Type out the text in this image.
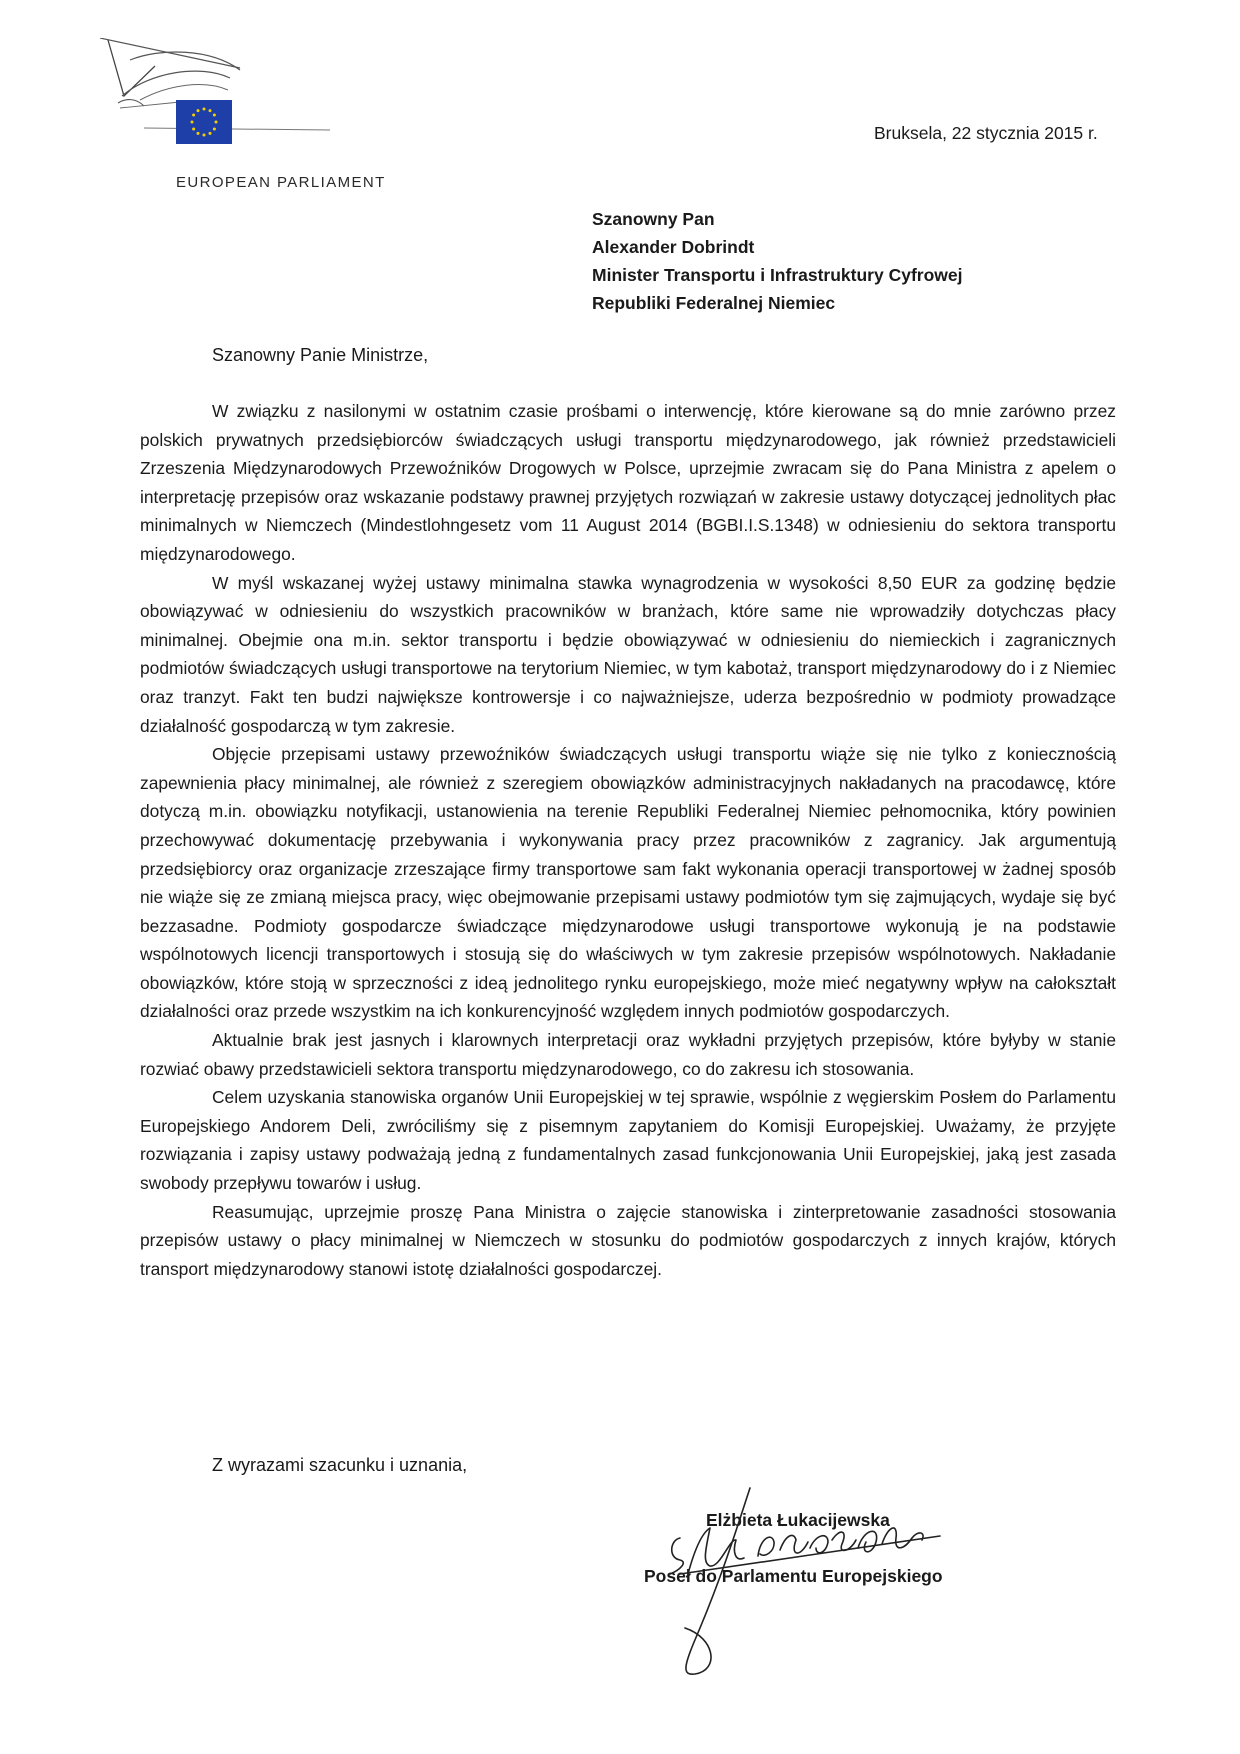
EUROPEAN PARLIAMENT
Bruksela, 22 stycznia 2015 r.
Szanowny Pan
Alexander Dobrindt
Minister Transportu i Infrastruktury Cyfrowej
Republiki Federalnej Niemiec
Szanowny Panie Ministrze,

W związku z nasilonymi w ostatnim czasie prośbami o interwencję, które kierowane są do mnie zarówno przez polskich prywatnych przedsiębiorców świadczących usługi transportu międzynarodowego, jak również przedstawicieli Zrzeszenia Międzynarodowych Przewoźników Drogowych w Polsce, uprzejmie zwracam się do Pana Ministra z apelem o interpretację przepisów oraz wskazanie podstawy prawnej przyjętych rozwiązań w zakresie ustawy dotyczącej jednolitych płac minimalnych w Niemczech (Mindestlohngesetz vom 11 August 2014 (BGBI.I.S.1348) w odniesieniu do sektora transportu międzynarodowego.

W myśl wskazanej wyżej ustawy minimalna stawka wynagrodzenia w wysokości 8,50 EUR za godzinę będzie obowiązywać w odniesieniu do wszystkich pracowników w branżach, które same nie wprowadziły dotychczas płacy minimalnej. Obejmie ona m.in. sektor transportu i będzie obowiązywać w odniesieniu do niemieckich i zagranicznych podmiotów świadczących usługi transportowe na terytorium Niemiec, w tym kabotaż, transport międzynarodowy do i z Niemiec oraz tranzyt. Fakt ten budzi największe kontrowersje i co najważniejsze, uderza bezpośrednio w podmioty prowadzące działalność gospodarczą w tym zakresie.

Objęcie przepisami ustawy przewoźników świadczących usługi transportu wiąże się nie tylko z koniecznością zapewnienia płacy minimalnej, ale również z szeregiem obowiązków administracyjnych nakładanych na pracodawcę, które dotyczą m.in. obowiązku notyfikacji, ustanowienia na terenie Republiki Federalnej Niemiec pełnomocnika, który powinien przechowywać dokumentację przebywania i wykonywania pracy przez pracowników z zagranicy. Jak argumentują przedsiębiorcy oraz organizacje zrzeszające firmy transportowe sam fakt wykonania operacji transportowej w żadnej sposób nie wiąże się ze zmianą miejsca pracy, więc obejmowanie przepisami ustawy podmiotów tym się zajmujących, wydaje się być bezzasadne. Podmioty gospodarcze świadczące międzynarodowe usługi transportowe wykonują je na podstawie wspólnotowych licencji transportowych i stosują się do właściwych w tym zakresie przepisów wspólnotowych. Nakładanie obowiązków, które stoją w sprzeczności z ideą jednolitego rynku europejskiego, może mieć negatywny wpływ na całokształt działalności oraz przede wszystkim na ich konkurencyjność względem innych podmiotów gospodarczych.

Aktualnie brak jest jasnych i klarownych interpretacji oraz wykładni przyjętych przepisów, które byłyby w stanie rozwiać obawy przedstawicieli sektora transportu międzynarodowego, co do zakresu ich stosowania.

Celem uzyskania stanowiska organów Unii Europejskiej w tej sprawie, wspólnie z węgierskim Posłem do Parlamentu Europejskiego Andorem Deli, zwróciliśmy się z pisemnym zapytaniem do Komisji Europejskiej. Uważamy, że przyjęte rozwiązania i zapisy ustawy podważają jedną z fundamentalnych zasad funkcjonowania Unii Europejskiej, jaką jest zasada swobody przepływu towarów i usług.

Reasumując, uprzejmie proszę Pana Ministra o zajęcie stanowiska i zinterpretowanie zasadności stosowania przepisów ustawy o płacy minimalnej w Niemczech w stosunku do podmiotów gospodarczych z innych krajów, których transport międzynarodowy stanowi istotę działalności gospodarczej.

Z wyrazami szacunku i uznania,
Elżbieta Łukacijewska
Poseł do Parlamentu Europejskiego
